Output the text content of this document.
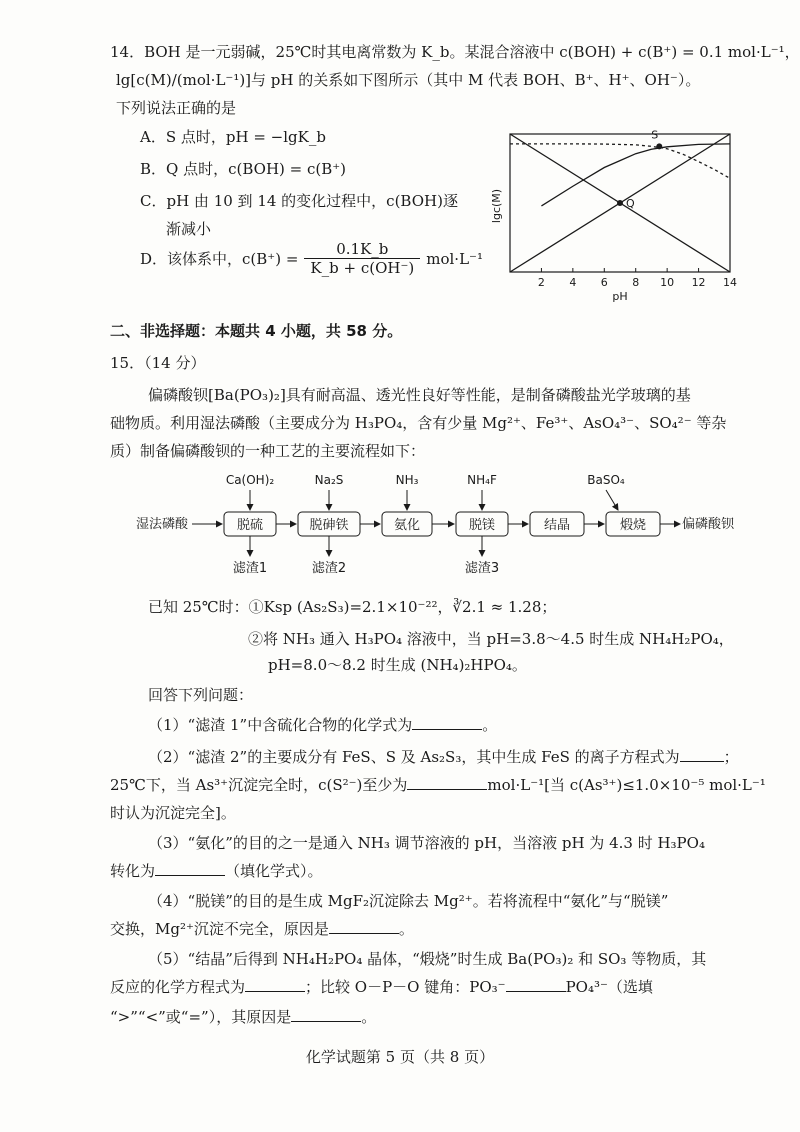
14．BOH 是一元弱碱，25℃时其电离常数为 K_b。某混合溶液中 c(BOH) + c(B⁺) = 0.1 mol·L⁻¹，
lg[c(M)/(mol·L⁻¹)]与 pH 的关系如下图所示（其中 M 代表 BOH、B⁺、H⁺、OH⁻）。
下列说法正确的是
A．S 点时，pH = −lgK_b
B．Q 点时，c(BOH) = c(B⁺)
C．pH 由 10 到 14 的变化过程中，c(BOH)逐
渐减小
D．该体系中，$c(B^+) = \frac{0.1K\_b}{K\_b + c(OH^-)} mol\cdot L^{-1}$
S
Q
2 4 6 8 10 12 14
lgc(M)
pH
二、非选择题：本题共 4 小题，共 58 分。
15．（14 分）
偏磷酸钡[Ba(PO₃)₂]具有耐高温、透光性良好等性能，是制备磷酸盐光学玻璃的基
础物质。利用湿法磷酸（主要成分为 H₃PO₄，含有少量 Mg²⁺、Fe³⁺、AsO₄³⁻、SO₄²⁻ 等杂
质）制备偏磷酸钡的一种工艺的主要流程如下：
湿法磷酸	脱硫	脱砷铁	氨化	脱镁	结晶	煅烧	偏磷酸钡
Ca(OH)₂	Na₂S	NH₃	NH₄F	BaSO₄
滤渣1	滤渣2	滤渣3
已知 25℃时：①Ksp (As₂S₃)=2.1×10⁻²²，∛2.1 ≈ 1.28；
②将 NH₃ 通入 H₃PO₄ 溶液中，当 pH=3.8～4.5 时生成 NH₄H₂PO₄，
pH=8.0～8.2 时生成 (NH₄)₂HPO₄。
回答下列问题：
（1）“滤渣 1”中含硫化合物的化学式为	。
（2）“滤渣 2”的主要成分有 FeS、S 及 As₂S₃，其中生成 FeS 的离子方程式为	；
25℃下，当 As³⁺沉淀完全时，c(S²⁻)至少为	mol·L⁻¹[当 c(As³⁺)≤1.0×10⁻⁵ mol·L⁻¹
时认为沉淀完全]。
（3）“氨化”的目的之一是通入 NH₃ 调节溶液的 pH，当溶液 pH 为 4.3 时 H₃PO₄
转化为	（填化学式）。
（4）“脱镁”的目的是生成 MgF₂沉淀除去 Mg²⁺。若将流程中“氨化”与“脱镁”
交换，Mg²⁺沉淀不完全，原因是	。
（5）“结晶”后得到 NH₄H₂PO₄ 晶体，“煅烧”时生成 Ba(PO₃)₂ 和 SO₃ 等物质，其
反应的化学方程式为	；比较 O－P－O 键角：PO₃⁻	PO₄³⁻（选填
“>”“<”或“=”），其原因是	。
化学试题第 5 页（共 8 页）
